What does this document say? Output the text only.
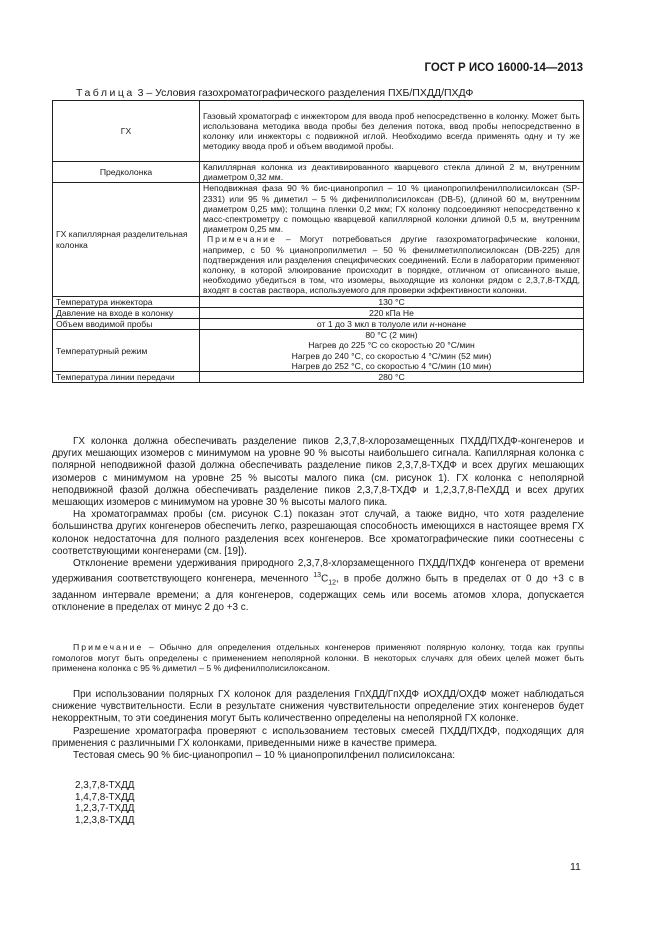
ГОСТ Р ИСО 16000-14—2013
Таблица 3 – Условия газохроматографического разделения ПХБ/ПХДД/ПХДФ
ГХ	Газовый хроматограф с инжектором для ввода проб непосредственно в колонку. Может быть использована методика ввода пробы без деления потока, ввод пробы непосредственно в колонку или инжекторы с подвижной иглой. Необходимо всегда применять одну и ту же методику ввода проб и объем вводимой пробы.
Предколонка	Капиллярная колонка из деактивированного кварцевого стекла длиной 2 м, внутренним диаметром 0,32 мм.
ГХ капиллярная разделительная колонка	Неподвижная фаза 90 % бис-цианопропил – 10 % цианопропилфенилполисилоксан (SP-2331) или 95 % диметил – 5 % дифенилполисилоксан (DB-5), (длиной 60 м, внутренним диаметром 0,25 мм); толщина пленки 0,2 мкм; ГХ колонку подсоединяют непосредственно к масс-спектрометру с помощью кварцевой капиллярной колонки длиной 0,5 м, внутренним диаметром 0,25 мм.
Примечание – Могут потребоваться другие газохроматографические колонки, например, с 50 % цианопропилметил – 50 % фенилметилполисилоксан (DB-225) для подтверждения или разделения специфических соединений. Если в лаборатории применяют колонку, в которой элюирование происходит в порядке, отличном от описанного выше, необходимо убедиться в том, что изомеры, выходящие из колонки рядом с 2,3,7,8-ТХДД, входят в состав раствора, используемого для проверки эффективности колонки.

Температура инжектора	130 °C
Давление на входе в колонку	220 кПа He
Объем вводимой пробы	от 1 до 3 мкл в толуоле или н-нонане
Температурный режим	80 °C (2 мин)
Нагрев до 225 °C со скоростью 20 °C/мин
Нагрев до 240 °C, со скоростью 4 °C/мин (52 мин)
Нагрев до 252 °C, со скоростью 4 °C/мин (10 мин)

Температура линии передачи	280 °C

ГХ колонка должна обеспечивать разделение пиков 2,3,7,8-хлорозамещенных ПХДД/ПХДФ-конгенеров и других мешающих изомеров с минимумом на уровне 90 % высоты наибольшего сигнала. Капиллярная колонка с полярной неподвижной фазой должна обеспечивать разделение пиков 2,3,7,8-ТХДФ и всех других мешающих изомеров с минимумом на уровне 25 % высоты малого пика (см. рисунок 1). ГХ колонка с неполярной неподвижной фазой должна обеспечивать разделение пиков 2,3,7,8-ТХДФ и 1,2,3,7,8-ПеХДД и всех других мешающих изомеров с минимумом на уровне 30 % высоты малого пика.

На хроматограммах пробы (см. рисунок С.1) показан этот случай, а также видно, что хотя разделение большинства других конгенеров обеспечить легко, разрешающая способность имеющихся в настоящее время ГХ колонок недостаточна для полного разделения всех конгенеров. Все хроматографические пики соотнесены с соответствующими конгенерами (см. [19]).

Отклонение времени удерживания природного 2,3,7,8-хлорзамещенного ПХДД/ПХДФ конгенера от времени удерживания соответствующего конгенера, меченного $^{13}С_{12}$, в пробе должно быть в пределах от 0 до +3 с в заданном интервале времени; а для конгенеров, содержащих семь или восемь атомов хлора, допускается отклонение в пределах от минус 2 до +3 с.

Примечание – Обычно для определения отдельных конгенеров применяют полярную колонку, тогда как группы гомологов могут быть определены с применением неполярной колонки. В некоторых случаях для обеих целей может быть применена колонка с 95 % диметил – 5 % дифенилполисилоксаном.

При использовании полярных ГХ колонок для разделения ГпХДД/ГпХДФ иОХДД/ОХДФ может наблюдаться снижение чувствительности. Если в результате снижения чувствительности определение этих конгенеров будет некорректным, то эти соединения могут быть количественно определены на неполярной ГХ колонке.

Разрешение хроматографа проверяют с использованием тестовых смесей ПХДД/ПХДФ, подходящих для применения с различными ГХ колонками, приведенными ниже в качестве примера.

Тестовая смесь 90 % бис-цианопропил – 10 % цианопропилфенил полисилоксана:

2,3,7,8-ТХДД
1,4,7,8-ТХДД
1,2,3,7-ТХДД
1,2,3,8-ТХДД
11
